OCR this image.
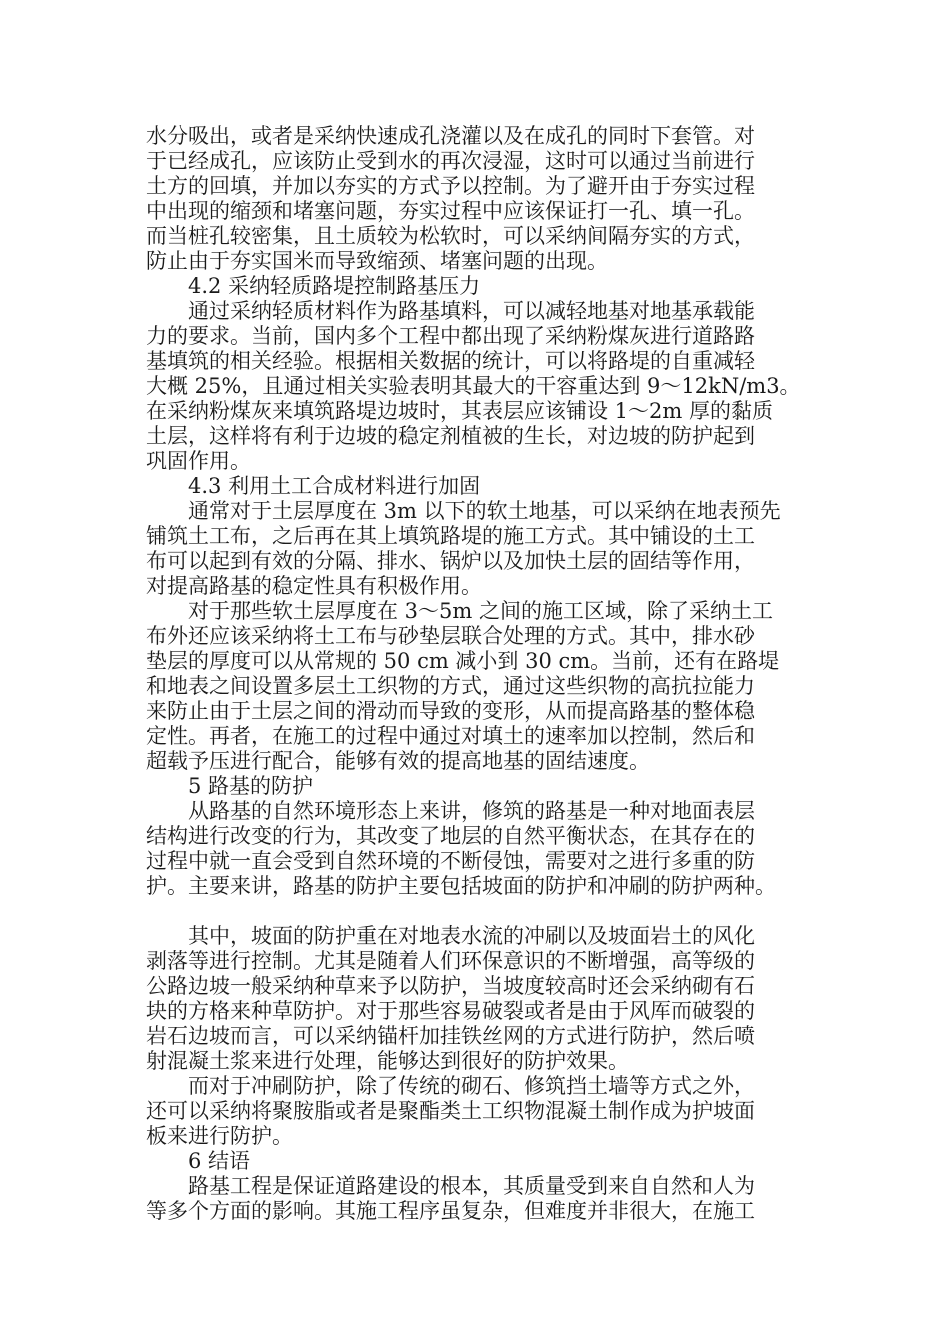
水分吸出，或者是采纳快速成孔浇灌以及在成孔的同时下套管。对
于已经成孔，应该防止受到水的再次浸湿，这时可以通过当前进行
土方的回填，并加以夯实的方式予以控制。为了避开由于夯实过程
中出现的缩颈和堵塞问题，夯实过程中应该保证打一孔、填一孔。
而当桩孔较密集，且土质较为松软时，可以采纳间隔夯实的方式，
防止由于夯实国米而导致缩颈、堵塞问题的出现。

4.2 采纳轻质路堤控制路基压力

通过采纳轻质材料作为路基填料，可以减轻地基对地基承载能
力的要求。当前，国内多个工程中都出现了采纳粉煤灰进行道路路
基填筑的相关经验。根据相关数据的统计，可以将路堤的自重减轻
大概 25%，且通过相关实验表明其最大的干容重达到 9～12kN/m3。
在采纳粉煤灰来填筑路堤边坡时，其表层应该铺设 1～2m 厚的黏质
土层，这样将有利于边坡的稳定剂植被的生长，对边坡的防护起到
巩固作用。

4.3 利用土工合成材料进行加固

通常对于土层厚度在 3m 以下的软土地基，可以采纳在地表预先
铺筑土工布，之后再在其上填筑路堤的施工方式。其中铺设的土工
布可以起到有效的分隔、排水、锅炉以及加快土层的固结等作用，
对提高路基的稳定性具有积极作用。

对于那些软土层厚度在 3～5m 之间的施工区域，除了采纳土工
布外还应该采纳将土工布与砂垫层联合处理的方式。其中，排水砂
垫层的厚度可以从常规的 50 cm 减小到 30 cm。当前，还有在路堤
和地表之间设置多层土工织物的方式，通过这些织物的高抗拉能力
来防止由于土层之间的滑动而导致的变形，从而提高路基的整体稳
定性。再者，在施工的过程中通过对填土的速率加以控制，然后和
超载予压进行配合，能够有效的提高地基的固结速度。

5 路基的防护

从路基的自然环境形态上来讲，修筑的路基是一种对地面表层
结构进行改变的行为，其改变了地层的自然平衡状态，在其存在的
过程中就一直会受到自然环境的不断侵蚀，需要对之进行多重的防
护。主要来讲，路基的防护主要包括坡面的防护和冲刷的防护两种。

其中，坡面的防护重在对地表水流的冲刷以及坡面岩土的风化
剥落等进行控制。尤其是随着人们环保意识的不断增强，高等级的
公路边坡一般采纳种草来予以防护，当坡度较高时还会采纳砌有石
块的方格来种草防护。对于那些容易破裂或者是由于风厍而破裂的
岩石边坡而言，可以采纳锚杆加挂铁丝网的方式进行防护，然后喷
射混凝土浆来进行处理，能够达到很好的防护效果。

而对于冲刷防护，除了传统的砌石、修筑挡土墙等方式之外，
还可以采纳将聚胺脂或者是聚酯类土工织物混凝土制作成为护坡面
板来进行防护。

6 结语

路基工程是保证道路建设的根本，其质量受到来自自然和人为
等多个方面的影响。其施工程序虽复杂，但难度并非很大，在施工
